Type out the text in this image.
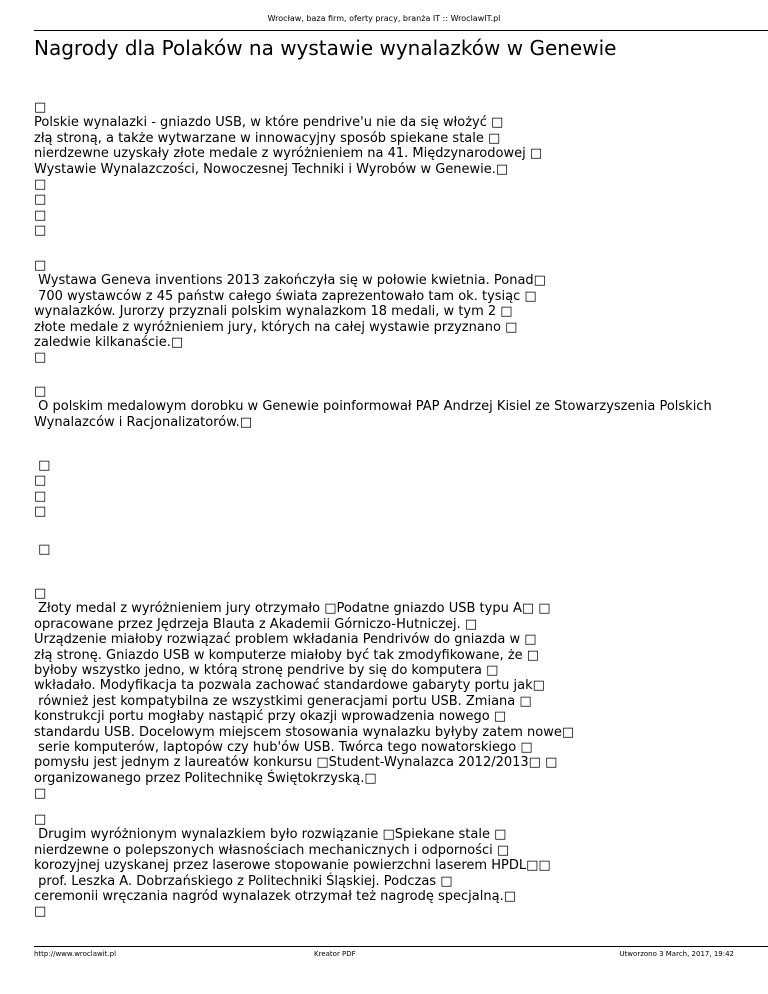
Wrocław, baza firm, oferty pracy, branża IT :: WroclawIT.pl
Nagrody dla Polaków na wystawie wynalazków w Genewie
□
Polskie wynalazki - gniazdo USB, w które pendrive'u nie da się włożyć □
złą stroną, a także wytwarzane w innowacyjny sposób spiekane stale □
nierdzewne uzyskały złote medale z wyróżnieniem na 41. Międzynarodowej □
Wystawie Wynalazczości, Nowoczesnej Techniki i Wyrobów w Genewie.□
□
□
□
□
□
Wystawa Geneva inventions 2013 zakończyła się w połowie kwietnia. Ponad□
700 wystawców z 45 państw całego świata zaprezentowało tam ok. tysiąc □
wynalazków. Jurorzy przyznali polskim wynalazkom 18 medali, w tym 2 □
złote medale z wyróżnieniem jury, których na całej wystawie przyznano □
zaledwie kilkanaście.□
□
□
O polskim medalowym dorobku w Genewie poinformował PAP Andrzej Kisiel ze Stowarzyszenia Polskich
Wynalazców i Racjonalizatorów.□
□
□
□
□
□
□
Złoty medal z wyróżnieniem jury otrzymało □Podatne gniazdo USB typu A□ □
opracowane przez Jędrzeja Blauta z Akademii Górniczo-Hutniczej. □
Urządzenie miałoby rozwiązać problem wkładania Pendrivów do gniazda w □
złą stronę. Gniazdo USB w komputerze miałoby być tak zmodyfikowane, że □
byłoby wszystko jedno, w którą stronę pendrive by się do komputera □
wkładało. Modyfikacja ta pozwala zachować standardowe gabaryty portu jak□
również jest kompatybilna ze wszystkimi generacjami portu USB. Zmiana □
konstrukcji portu mogłaby nastąpić przy okazji wprowadzenia nowego □
standardu USB. Docelowym miejscem stosowania wynalazku byłyby zatem nowe□
serie komputerów, laptopów czy hub'ów USB. Twórca tego nowatorskiego □
pomysłu jest jednym z laureatów konkursu □Student-Wynalazca 2012/2013□ □
organizowanego przez Politechnikę Świętokrzyską.□
□
□
Drugim wyróżnionym wynalazkiem było rozwiązanie □Spiekane stale □
nierdzewne o polepszonych własnościach mechanicznych i odporności □
korozyjnej uzyskanej przez laserowe stopowanie powierzchni laserem HPDL□□
prof. Leszka A. Dobrzańskiego z Politechniki Śląskiej. Podczas □
ceremonii wręczania nagród wynalazek otrzymał też nagrodę specjalną.□
□
http://www.wroclawit.pl	Kreator PDF	Utworzono 3 March, 2017, 19:42
